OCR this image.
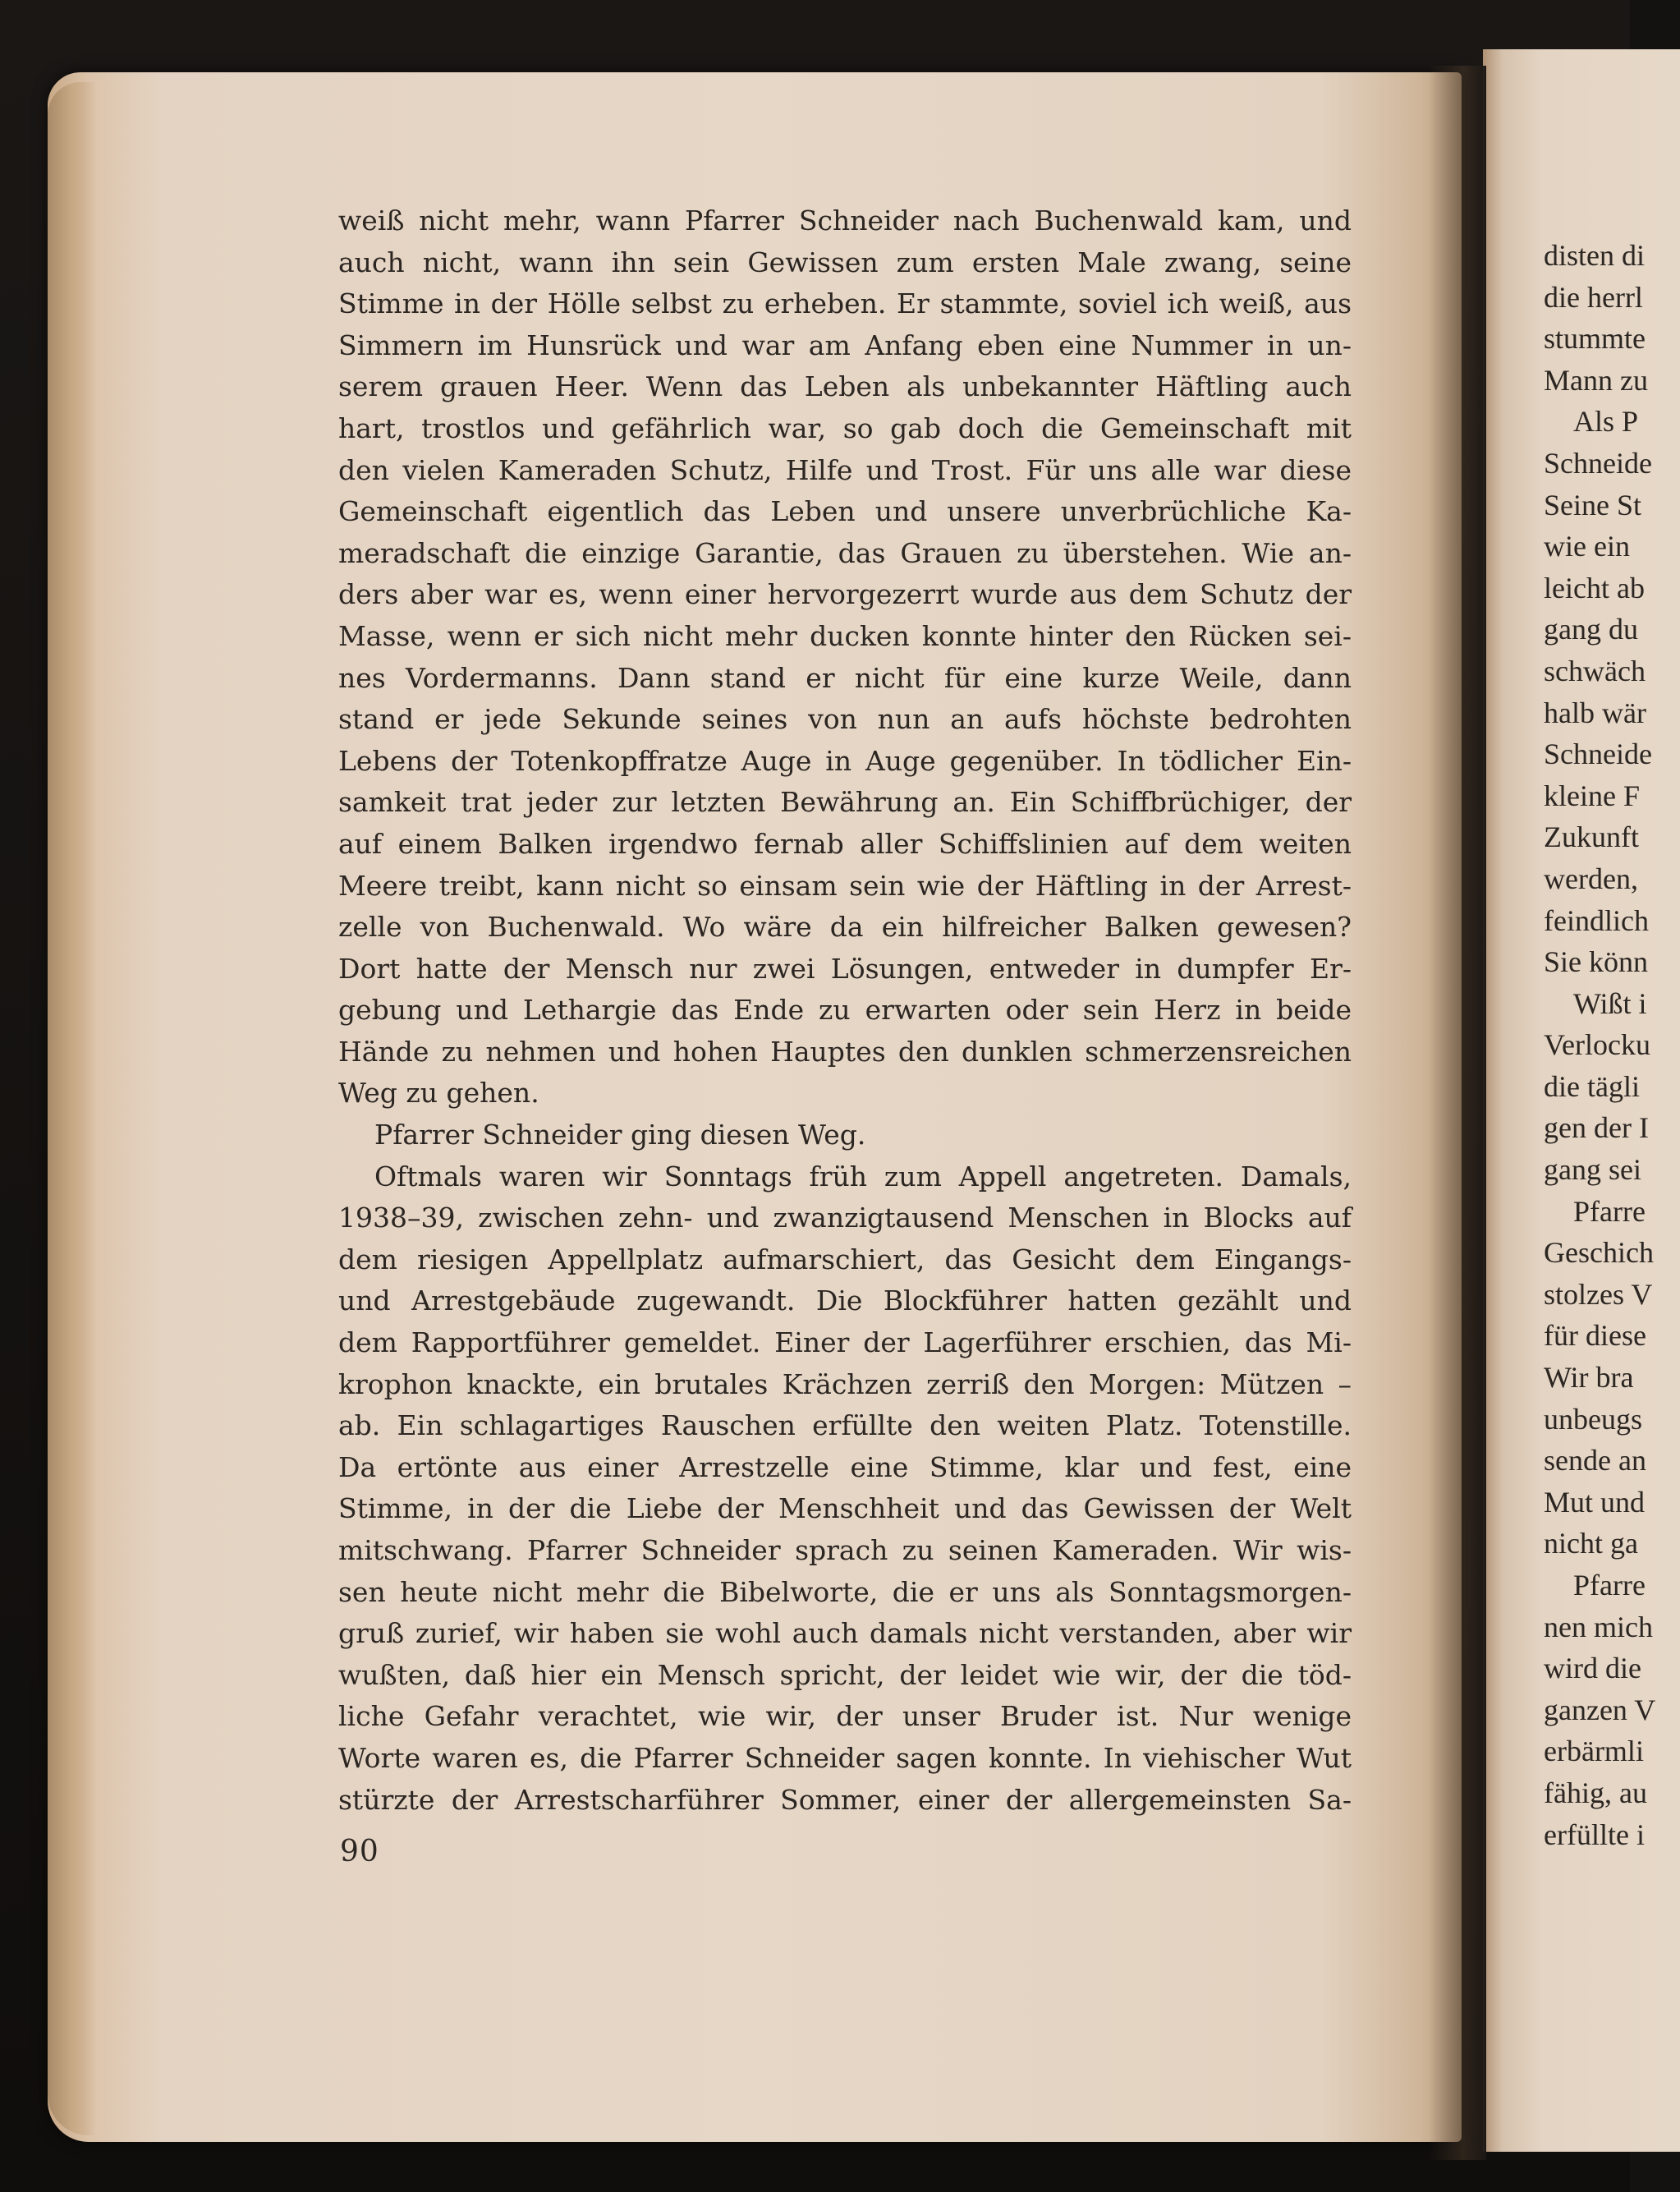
disten di
die herrl
stummte
Mann zu
Als P
Schneide
Seine St
wie ein
leicht ab
gang du
schwäch
halb wär
Schneide
kleine F
Zukunft
werden,
feindlich
Sie könn
Wißt i
Verlocku
die tägli
gen der I
gang sei
Pfarre
Geschich
stolzes V
für diese
Wir bra
unbeugs
sende an
Mut und
nicht ga
Pfarre
nen mich
wird die
ganzen V
erbärmli
fähig, au
erfüllte i
weiß nicht mehr, wann Pfarrer Schneider nach Buchenwald kam, und
auch nicht, wann ihn sein Gewissen zum ersten Male zwang, seine
Stimme in der Hölle selbst zu erheben. Er stammte, soviel ich weiß, aus
Simmern im Hunsrück und war am Anfang eben eine Nummer in un-
serem grauen Heer. Wenn das Leben als unbekannter Häftling auch
hart, trostlos und gefährlich war, so gab doch die Gemeinschaft mit
den vielen Kameraden Schutz, Hilfe und Trost. Für uns alle war diese
Gemeinschaft eigentlich das Leben und unsere unverbrüchliche Ka-
meradschaft die einzige Garantie, das Grauen zu überstehen. Wie an-
ders aber war es, wenn einer hervorgezerrt wurde aus dem Schutz der
Masse, wenn er sich nicht mehr ducken konnte hinter den Rücken sei-
nes Vordermanns. Dann stand er nicht für eine kurze Weile, dann
stand er jede Sekunde seines von nun an aufs höchste bedrohten
Lebens der Totenkopffratze Auge in Auge gegenüber. In tödlicher Ein-
samkeit trat jeder zur letzten Bewährung an. Ein Schiffbrüchiger, der
auf einem Balken irgendwo fernab aller Schiffslinien auf dem weiten
Meere treibt, kann nicht so einsam sein wie der Häftling in der Arrest-
zelle von Buchenwald. Wo wäre da ein hilfreicher Balken gewesen?
Dort hatte der Mensch nur zwei Lösungen, entweder in dumpfer Er-
gebung und Lethargie das Ende zu erwarten oder sein Herz in beide
Hände zu nehmen und hohen Hauptes den dunklen schmerzensreichen
Weg zu gehen.
Pfarrer Schneider ging diesen Weg.
Oftmals waren wir Sonntags früh zum Appell angetreten. Damals,
1938–39, zwischen zehn- und zwanzigtausend Menschen in Blocks auf
dem riesigen Appellplatz aufmarschiert, das Gesicht dem Eingangs-
und Arrestgebäude zugewandt. Die Blockführer hatten gezählt und
dem Rapportführer gemeldet. Einer der Lagerführer erschien, das Mi-
krophon knackte, ein brutales Krächzen zerriß den Morgen: Mützen –
ab. Ein schlagartiges Rauschen erfüllte den weiten Platz. Totenstille.
Da ertönte aus einer Arrestzelle eine Stimme, klar und fest, eine
Stimme, in der die Liebe der Menschheit und das Gewissen der Welt
mitschwang. Pfarrer Schneider sprach zu seinen Kameraden. Wir wis-
sen heute nicht mehr die Bibelworte, die er uns als Sonntagsmorgen-
gruß zurief, wir haben sie wohl auch damals nicht verstanden, aber wir
wußten, daß hier ein Mensch spricht, der leidet wie wir, der die töd-
liche Gefahr verachtet, wie wir, der unser Bruder ist. Nur wenige
Worte waren es, die Pfarrer Schneider sagen konnte. In viehischer Wut
stürzte der Arrestscharführer Sommer, einer der allergemeinsten Sa-
90
